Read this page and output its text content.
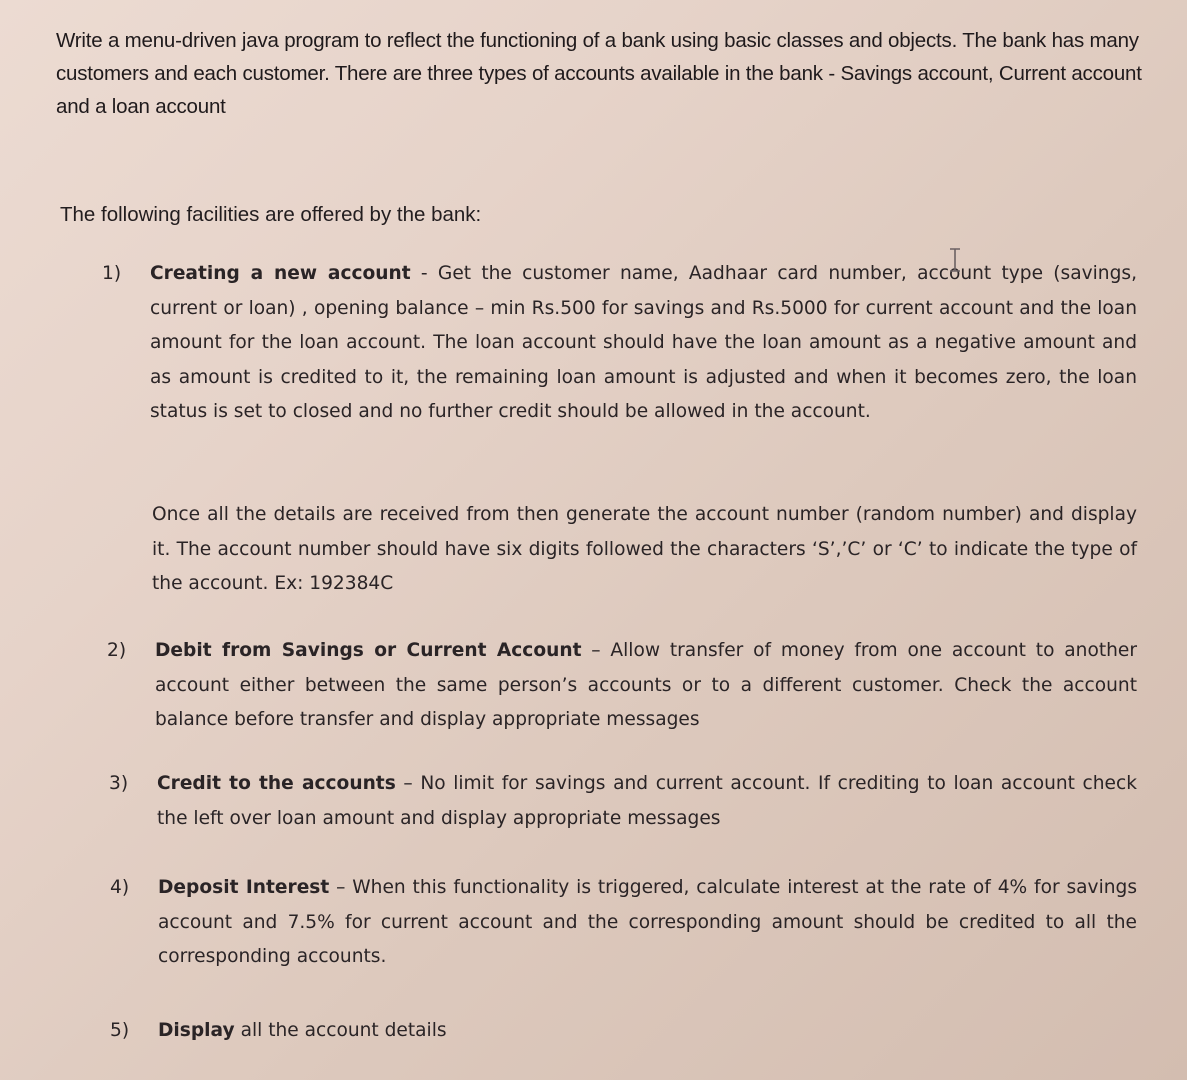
Write a menu-driven java program to reflect the functioning of a bank using basic classes and objects. The bank has many customers and each customer. There are three types of accounts available in the bank - Savings account, Current account and a loan account
The following facilities are offered by the bank:
1) Creating a new account - Get the customer name, Aadhaar card number, account type (savings, current or loan) , opening balance – min Rs.500 for savings and Rs.5000 for current account and the loan amount for the loan account. The loan account should have the loan amount as a negative amount and as amount is credited to it, the remaining loan amount is adjusted and when it becomes zero, the loan status is set to closed and no further credit should be allowed in the account.

Once all the details are received from then generate the account number (random number) and display it. The account number should have six digits followed the characters ‘S’,’C’ or ‘C’ to indicate the type of the account. Ex: 192384C

2) Debit from Savings or Current Account – Allow transfer of money from one account to another account either between the same person’s accounts or to a different customer. Check the account balance before transfer and display appropriate messages

3) Credit to the accounts – No limit for savings and current account. If crediting to loan account check the left over loan amount and display appropriate messages

4) Deposit Interest – When this functionality is triggered, calculate interest at the rate of 4% for savings account and 7.5% for current account and the corresponding amount should be credited to all the corresponding accounts.

5) Display all the account details
